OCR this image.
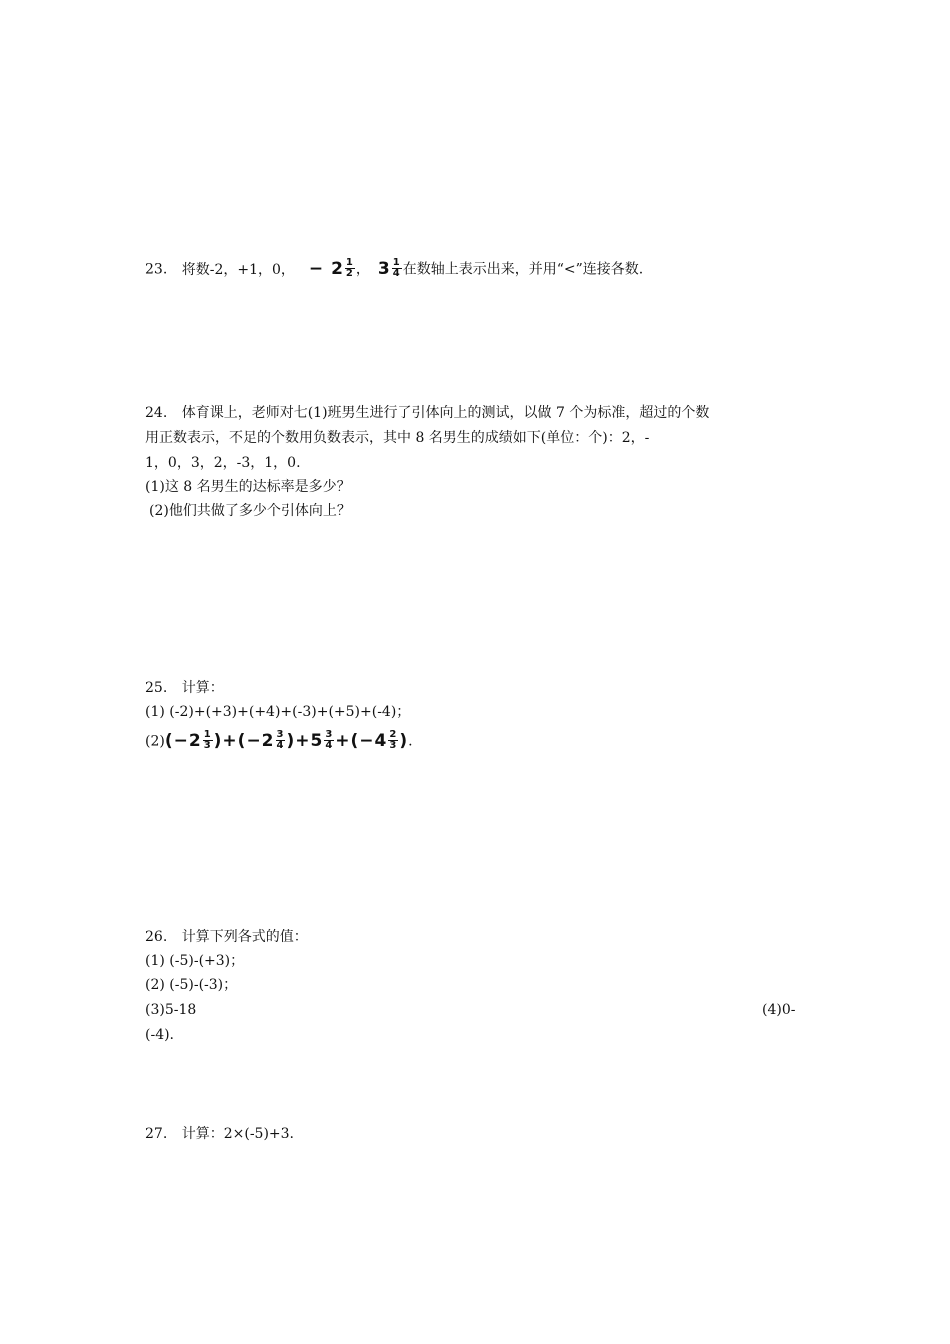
23. 将数-2，+1，0， − $2 \frac{1}{2}$ ， $3 \frac{1}{4}$ 在数轴上表示出来，并用“<”连接各数.
24. 体育课上，老师对七(1)班男生进行了引体向上的测试，以做 7 个为标准，超过的个数
用正数表示，不足的个数用负数表示，其中 8 名男生的成绩如下(单位：个)：2，-
1，0，3，2，-3，1，0.
(1)这 8 名男生的达标率是多少？
(2)他们共做了多少个引体向上？
25. 计算：
(1) (-2)+(+3)+(+4)+(-3)+(+5)+(-4)；
$(2)(-2 \frac{1}{3} )+(-2 \frac{3}{4} )+5 \frac{3}{4} +(-4 \frac{2}{3}$ ).
26. 计算下列各式的值：
(1) (-5)-(+3)；
(2) (-5)-(-3)；
(3)5-18	(4)0-
(-4).
27. 计算：2×(-5)+3.
